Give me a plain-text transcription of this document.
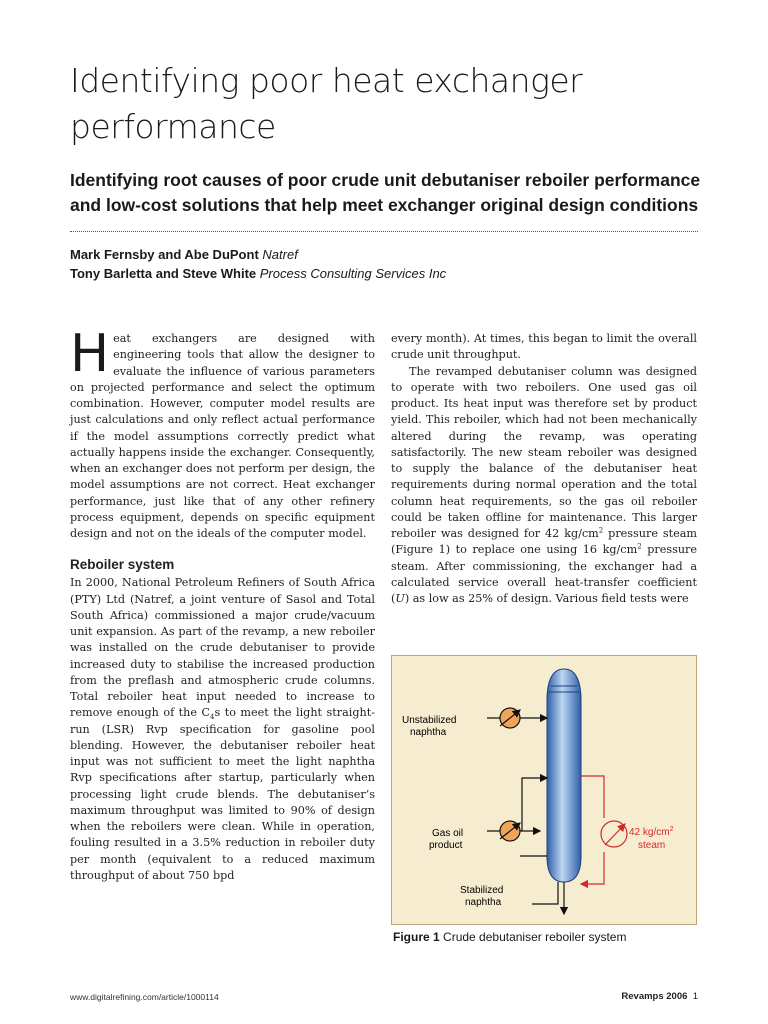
Identifying poor heat exchanger performance
Identifying root causes of poor crude unit debutaniser reboiler performance and low-cost solutions that help meet exchanger original design conditions
Mark Fernsby and Abe DuPont Natref
Tony Barletta and Steve White Process Consulting Services Inc

Heat exchangers are designed with engineering tools that allow the designer to evaluate the influence of various parameters on projected performance and select the optimum combination. However, computer model results are just calculations and only reflect actual performance if the model assumptions correctly predict what actually happens inside the exchanger. Consequently, when an exchanger does not perform per design, the model assumptions are not correct. Heat exchanger performance, just like that of any other refinery process equipment, depends on specific equipment design and not on the ideals of the computer model.

Reboiler system

In 2000, National Petroleum Refiners of South Africa (PTY) Ltd (Natref, a joint venture of Sasol and Total South Africa) commissioned a major crude/vacuum unit expansion. As part of the revamp, a new reboiler was installed on the crude debutaniser to provide increased duty to stabilise the increased production from the preflash and atmospheric crude columns. Total reboiler heat input needed to increase to remove enough of the $C_4s$ to meet the light straight-run (LSR) Rvp specification for gasoline pool blending. However, the debutaniser reboiler heat input was not sufficient to meet the light naphtha Rvp specifications after startup, particularly when processing light crude blends. The debutaniser’s maximum throughput was limited to 90% of design when the reboilers were clean. While in operation, fouling resulted in a 3.5% reduction in reboiler duty per month (equivalent to a reduced maximum throughput of about 750 bpd

every month). At times, this began to limit the overall crude unit throughput.

The revamped debutaniser column was designed to operate with two reboilers. One used gas oil product. Its heat input was therefore set by product yield. This reboiler, which had not been mechanically altered during the revamp, was operating satisfactorily. The new steam reboiler was designed to supply the balance of the debutaniser heat requirements during normal operation and the total column heat requirements, so the gas oil reboiler could be taken offline for maintenance. This larger reboiler was designed for 42 $kg/cm^2$ pressure steam (Figure 1) to replace one using 16 $kg/cm^2$ pressure steam. After commissioning, the exchanger had a calculated service overall heat-transfer coefficient (U) as low as 25% of design. Various field tests were

Unstabilized
naphtha
Gas oil
product
42 $kg/cm^2$
steam
Stabilized
naphtha
Figure 1 Crude debutaniser reboiler system
www.digitalrefining.com/article/1000114	Revamps 2006 1
